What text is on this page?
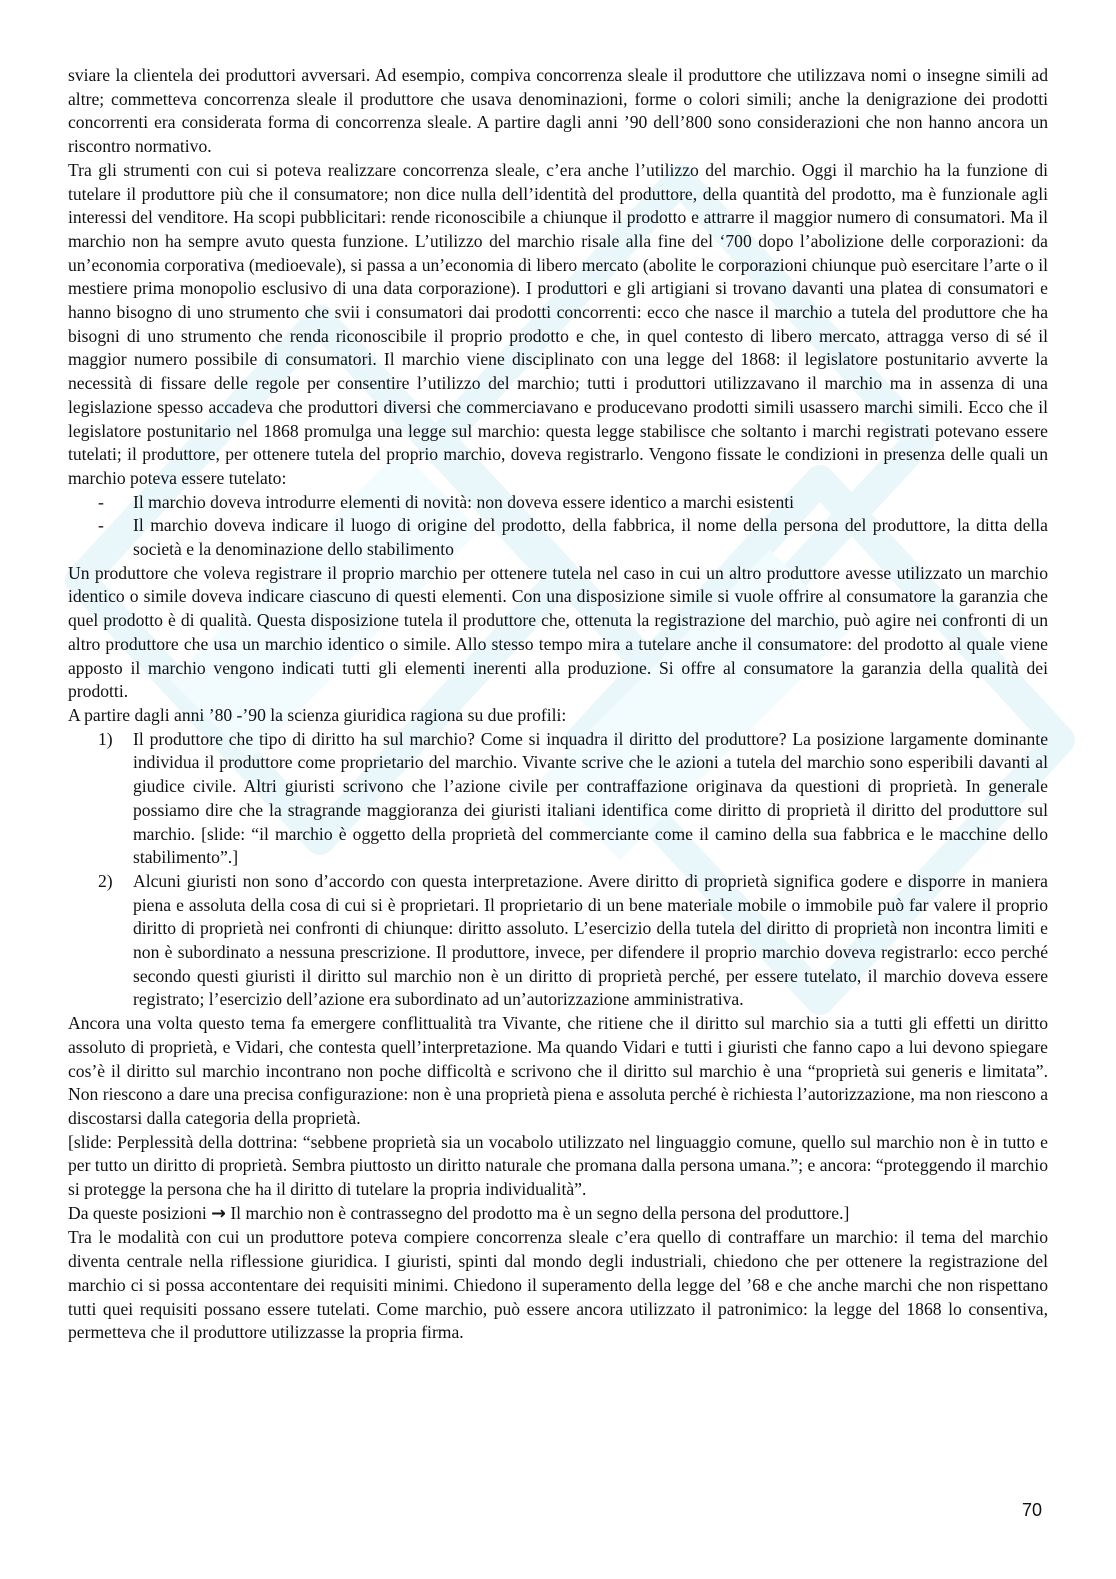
sviare la clientela dei produttori avversari. Ad esempio, compiva concorrenza sleale il produttore che utilizzava nomi o insegne simili ad altre; commetteva concorrenza sleale il produttore che usava denominazioni, forme o colori simili; anche la denigrazione dei prodotti concorrenti era considerata forma di concorrenza sleale. A partire dagli anni ’90 dell’800 sono considerazioni che non hanno ancora un riscontro normativo.

Tra gli strumenti con cui si poteva realizzare concorrenza sleale, c’era anche l’utilizzo del marchio. Oggi il marchio ha la funzione di tutelare il produttore più che il consumatore; non dice nulla dell’identità del produttore, della quantità del prodotto, ma è funzionale agli interessi del venditore. Ha scopi pubblicitari: rende riconoscibile a chiunque il prodotto e attrarre il maggior numero di consumatori. Ma il marchio non ha sempre avuto questa funzione. L’utilizzo del marchio risale alla fine del ‘700 dopo l’abolizione delle corporazioni: da un’economia corporativa (medioevale), si passa a un’economia di libero mercato (abolite le corporazioni chiunque può esercitare l’arte o il mestiere prima monopolio esclusivo di una data corporazione). I produttori e gli artigiani si trovano davanti una platea di consumatori e hanno bisogno di uno strumento che svii i consumatori dai prodotti concorrenti: ecco che nasce il marchio a tutela del produttore che ha bisogni di uno strumento che renda riconoscibile il proprio prodotto e che, in quel contesto di libero mercato, attragga verso di sé il maggior numero possibile di consumatori. Il marchio viene disciplinato con una legge del 1868: il legislatore postunitario avverte la necessità di fissare delle regole per consentire l’utilizzo del marchio; tutti i produttori utilizzavano il marchio ma in assenza di una legislazione spesso accadeva che produttori diversi che commerciavano e producevano prodotti simili usassero marchi simili. Ecco che il legislatore postunitario nel 1868 promulga una legge sul marchio: questa legge stabilisce che soltanto i marchi registrati potevano essere tutelati; il produttore, per ottenere tutela del proprio marchio, doveva registrarlo. Vengono fissate le condizioni in presenza delle quali un marchio poteva essere tutelato:

- Il marchio doveva introdurre elementi di novità: non doveva essere identico a marchi esistenti
- Il marchio doveva indicare il luogo di origine del prodotto, della fabbrica, il nome della persona del produttore, la ditta della società e la denominazione dello stabilimento

Un produttore che voleva registrare il proprio marchio per ottenere tutela nel caso in cui un altro produttore avesse utilizzato un marchio identico o simile doveva indicare ciascuno di questi elementi. Con una disposizione simile si vuole offrire al consumatore la garanzia che quel prodotto è di qualità. Questa disposizione tutela il produttore che, ottenuta la registrazione del marchio, può agire nei confronti di un altro produttore che usa un marchio identico o simile. Allo stesso tempo mira a tutelare anche il consumatore: del prodotto al quale viene apposto il marchio vengono indicati tutti gli elementi inerenti alla produzione. Si offre al consumatore la garanzia della qualità dei prodotti.

A partire dagli anni ’80 -’90 la scienza giuridica ragiona su due profili:

1) Il produttore che tipo di diritto ha sul marchio? Come si inquadra il diritto del produttore? La posizione largamente dominante individua il produttore come proprietario del marchio. Vivante scrive che le azioni a tutela del marchio sono esperibili davanti al giudice civile. Altri giuristi scrivono che l’azione civile per contraffazione originava da questioni di proprietà. In generale possiamo dire che la stragrande maggioranza dei giuristi italiani identifica come diritto di proprietà il diritto del produttore sul marchio. [slide: “il marchio è oggetto della proprietà del commerciante come il camino della sua fabbrica e le macchine dello stabilimento”.]
2) Alcuni giuristi non sono d’accordo con questa interpretazione. Avere diritto di proprietà significa godere e disporre in maniera piena e assoluta della cosa di cui si è proprietari. Il proprietario di un bene materiale mobile o immobile può far valere il proprio diritto di proprietà nei confronti di chiunque: diritto assoluto. L’esercizio della tutela del diritto di proprietà non incontra limiti e non è subordinato a nessuna prescrizione. Il produttore, invece, per difendere il proprio marchio doveva registrarlo: ecco perché secondo questi giuristi il diritto sul marchio non è un diritto di proprietà perché, per essere tutelato, il marchio doveva essere registrato; l’esercizio dell’azione era subordinato ad un’autorizzazione amministrativa.

Ancora una volta questo tema fa emergere conflittualità tra Vivante, che ritiene che il diritto sul marchio sia a tutti gli effetti un diritto assoluto di proprietà, e Vidari, che contesta quell’interpretazione. Ma quando Vidari e tutti i giuristi che fanno capo a lui devono spiegare cos’è il diritto sul marchio incontrano non poche difficoltà e scrivono che il diritto sul marchio è una “proprietà sui generis e limitata”. Non riescono a dare una precisa configurazione: non è una proprietà piena e assoluta perché è richiesta l’autorizzazione, ma non riescono a discostarsi dalla categoria della proprietà.

[slide: Perplessità della dottrina: “sebbene proprietà sia un vocabolo utilizzato nel linguaggio comune, quello sul marchio non è in tutto e per tutto un diritto di proprietà. Sembra piuttosto un diritto naturale che promana dalla persona umana.”; e ancora: “proteggendo il marchio si protegge la persona che ha il diritto di tutelare la propria individualità”.

Da queste posizioni → Il marchio non è contrassegno del prodotto ma è un segno della persona del produttore.]

Tra le modalità con cui un produttore poteva compiere concorrenza sleale c’era quello di contraffare un marchio: il tema del marchio diventa centrale nella riflessione giuridica. I giuristi, spinti dal mondo degli industriali, chiedono che per ottenere la registrazione del marchio ci si possa accontentare dei requisiti minimi. Chiedono il superamento della legge del ’68 e che anche marchi che non rispettano tutti quei requisiti possano essere tutelati. Come marchio, può essere ancora utilizzato il patronimico: la legge del 1868 lo consentiva, permetteva che il produttore utilizzasse la propria firma.

70
